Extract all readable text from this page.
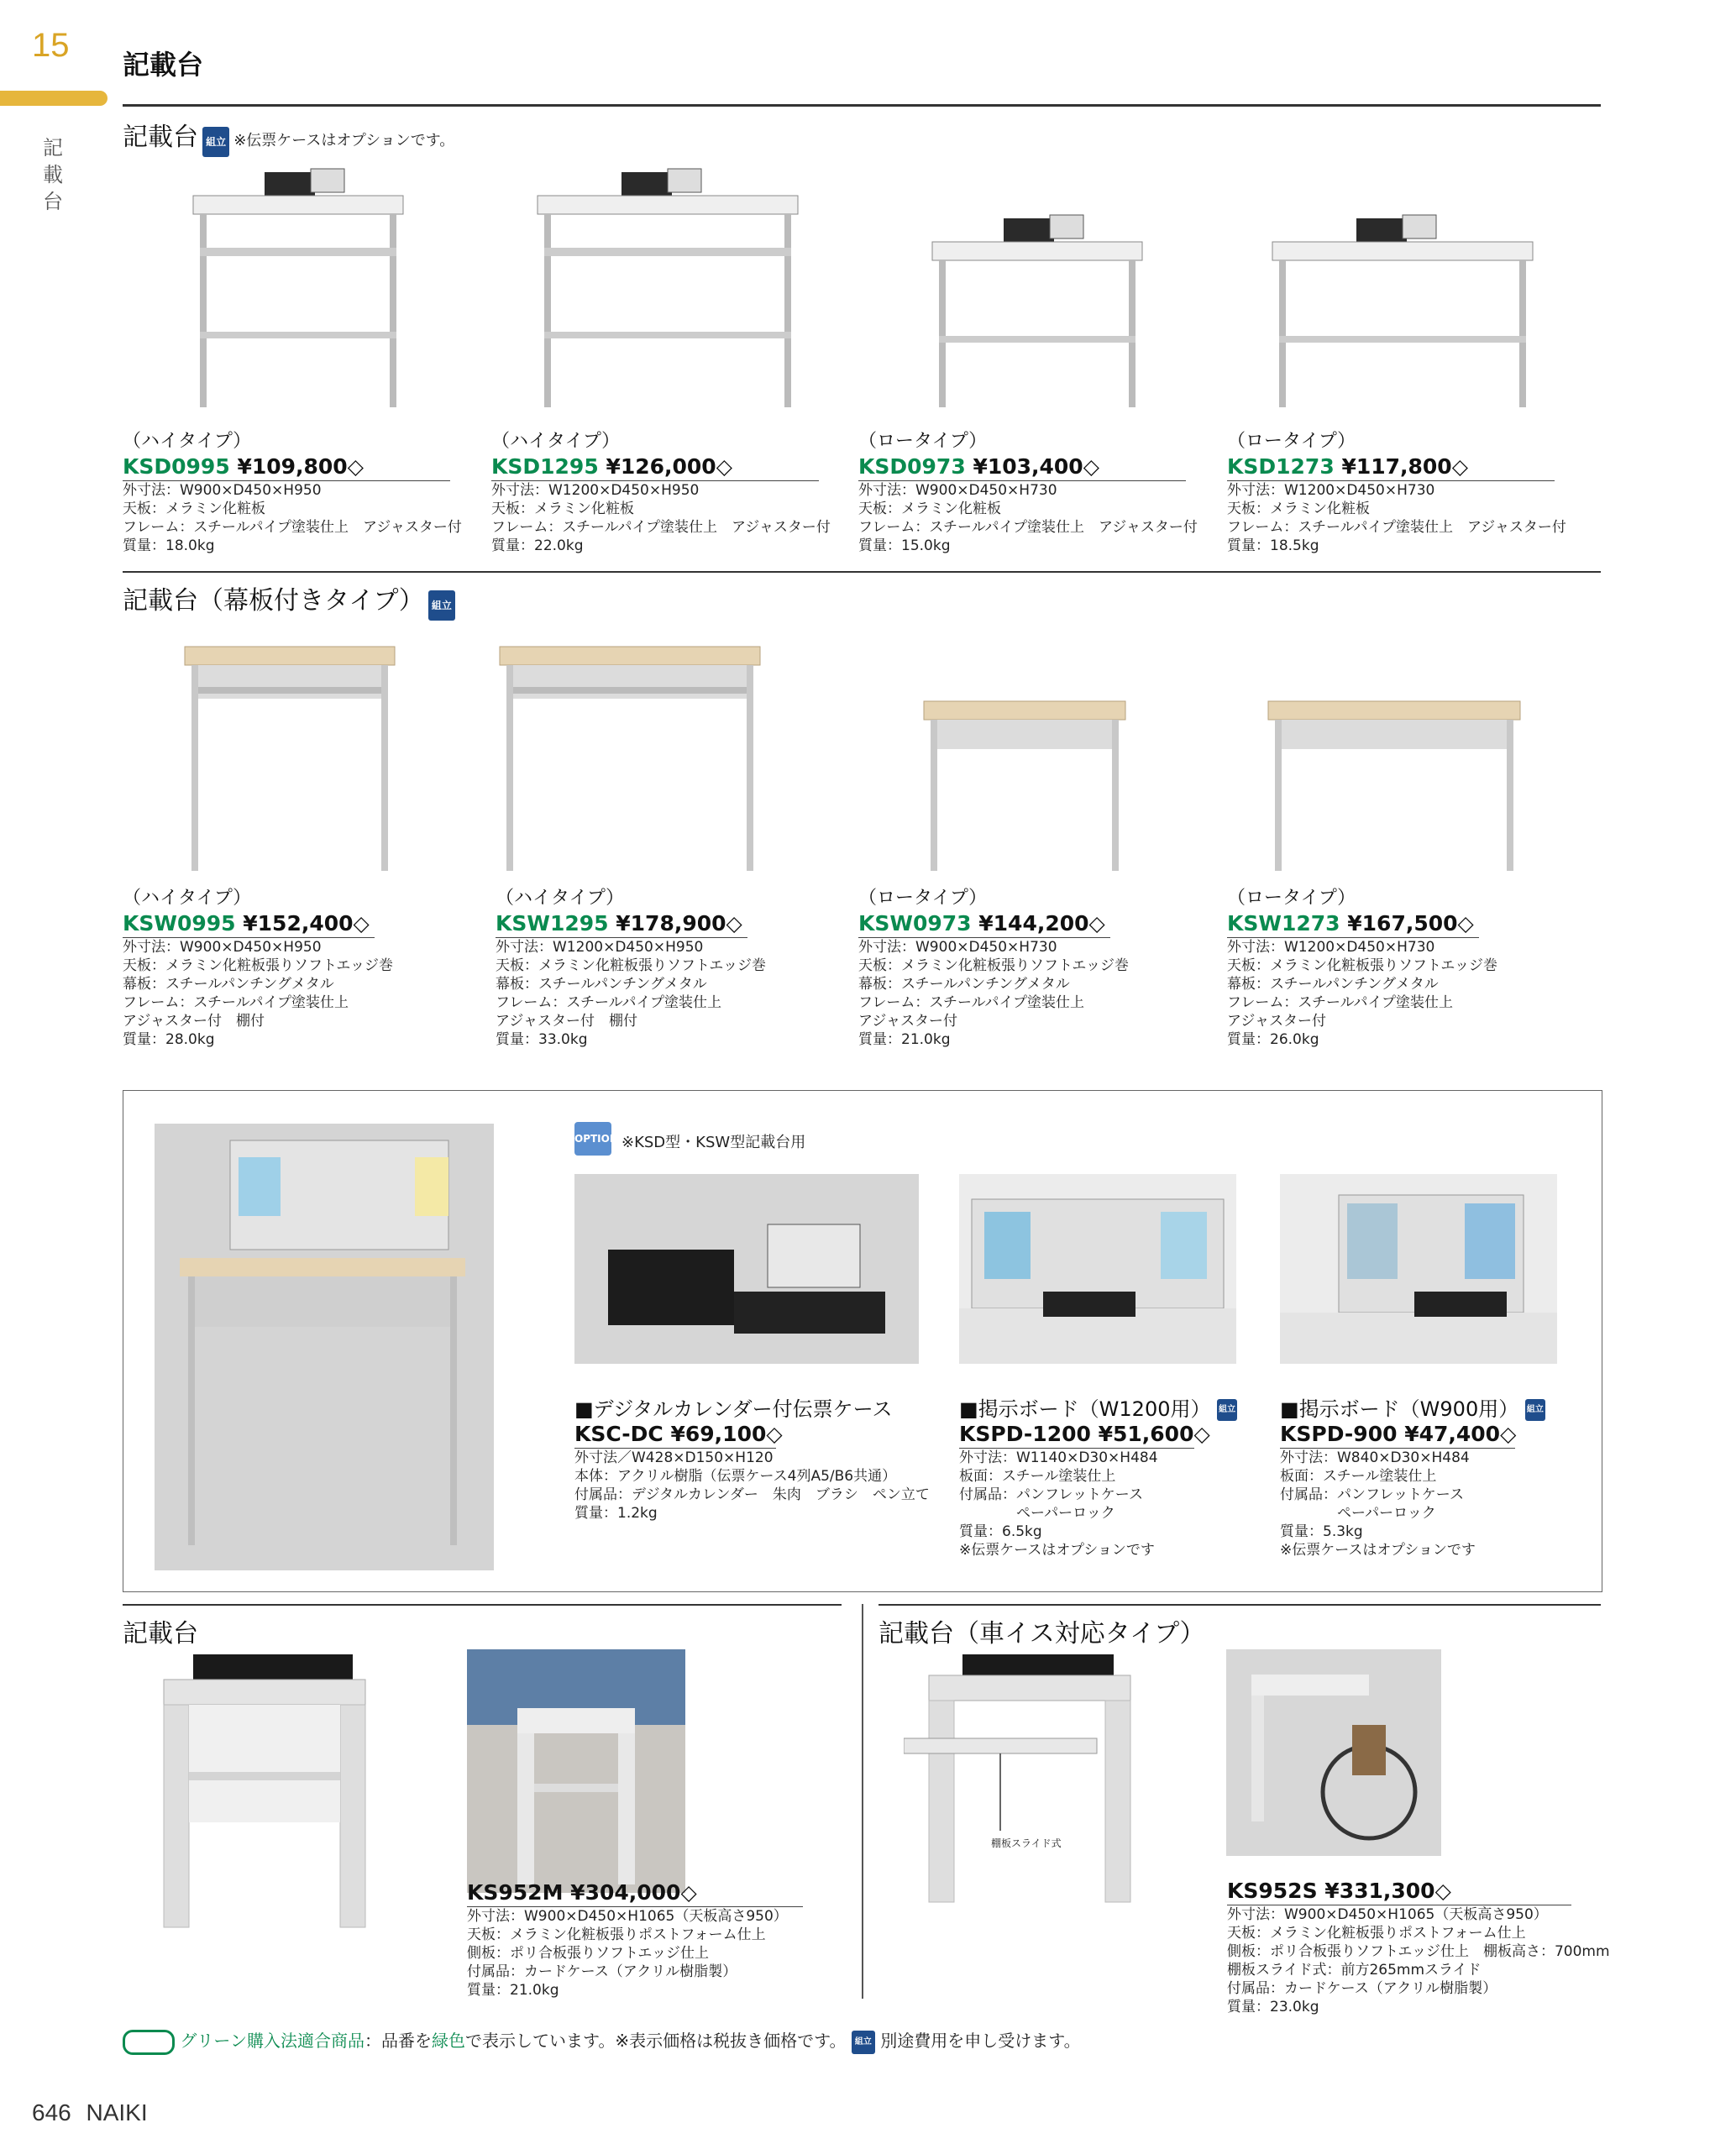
15
記
載
台
記載台
記載台 組立 ※伝票ケースはオプションです。
（ハイタイプ）
KSD0995 ¥109,800◇
外寸法：W900×D450×H950
天板：メラミン化粧板
フレーム：スチールパイプ塗装仕上　アジャスター付
質量：18.0kg
（ハイタイプ）
KSD1295 ¥126,000◇
外寸法：W1200×D450×H950
天板：メラミン化粧板
フレーム：スチールパイプ塗装仕上　アジャスター付
質量：22.0kg
（ロータイプ）
KSD0973 ¥103,400◇
外寸法：W900×D450×H730
天板：メラミン化粧板
フレーム：スチールパイプ塗装仕上　アジャスター付
質量：15.0kg
（ロータイプ）
KSD1273 ¥117,800◇
外寸法：W1200×D450×H730
天板：メラミン化粧板
フレーム：スチールパイプ塗装仕上　アジャスター付
質量：18.5kg
記載台（幕板付きタイプ） 組立
（ハイタイプ）
KSW0995 ¥152,400◇
外寸法：W900×D450×H950
天板：メラミン化粧板張りソフトエッジ巻
幕板：スチールパンチングメタル
フレーム：スチールパイプ塗装仕上
アジャスター付　棚付
質量：28.0kg
（ハイタイプ）
KSW1295 ¥178,900◇
外寸法：W1200×D450×H950
天板：メラミン化粧板張りソフトエッジ巻
幕板：スチールパンチングメタル
フレーム：スチールパイプ塗装仕上
アジャスター付　棚付
質量：33.0kg
（ロータイプ）
KSW0973 ¥144,200◇
外寸法：W900×D450×H730
天板：メラミン化粧板張りソフトエッジ巻
幕板：スチールパンチングメタル
フレーム：スチールパイプ塗装仕上
アジャスター付
質量：21.0kg
（ロータイプ）
KSW1273 ¥167,500◇
外寸法：W1200×D450×H730
天板：メラミン化粧板張りソフトエッジ巻
幕板：スチールパンチングメタル
フレーム：スチールパイプ塗装仕上
アジャスター付
質量：26.0kg
OPTION ※KSD型・KSW型記載台用
■デジタルカレンダー付伝票ケース
KSC-DC ¥69,100◇
外寸法／W428×D150×H120
本体：アクリル樹脂（伝票ケース4列A5/B6共通）
付属品：デジタルカレンダー　朱肉　ブラシ　ペン立て
質量：1.2kg
■掲示ボード（W1200用） 組立
KSPD-1200 ¥51,600◇
外寸法：W1140×D30×H484
板面：スチール塗装仕上
付属品：パンフレットケース
　　　　ペーパーロック
質量：6.5kg
※伝票ケースはオプションです
■掲示ボード（W900用） 組立
KSPD-900 ¥47,400◇
外寸法：W840×D30×H484
板面：スチール塗装仕上
付属品：パンフレットケース
　　　　ペーパーロック
質量：5.3kg
※伝票ケースはオプションです
記載台
KS952M ¥304,000◇
外寸法：W900×D450×H1065（天板高さ950）
天板：メラミン化粧板張りポストフォーム仕上
側板：ポリ合板張りソフトエッジ仕上
付属品：カードケース（アクリル樹脂製）
質量：21.0kg
記載台（車イス対応タイプ）
棚板スライド式
KS952S ¥331,300◇
外寸法：W900×D450×H1065（天板高さ950）
天板：メラミン化粧板張りポストフォーム仕上
側板：ポリ合板張りソフトエッジ仕上　棚板高さ：700mm
棚板スライド式：前方265mmスライド
付属品：カードケース（アクリル樹脂製）
質量：23.0kg
グリーン購入法適合商品：品番を緑色で表示しています。※表示価格は税抜き価格です。 組立 別途費用を申し受けます。
646 NAIKI
